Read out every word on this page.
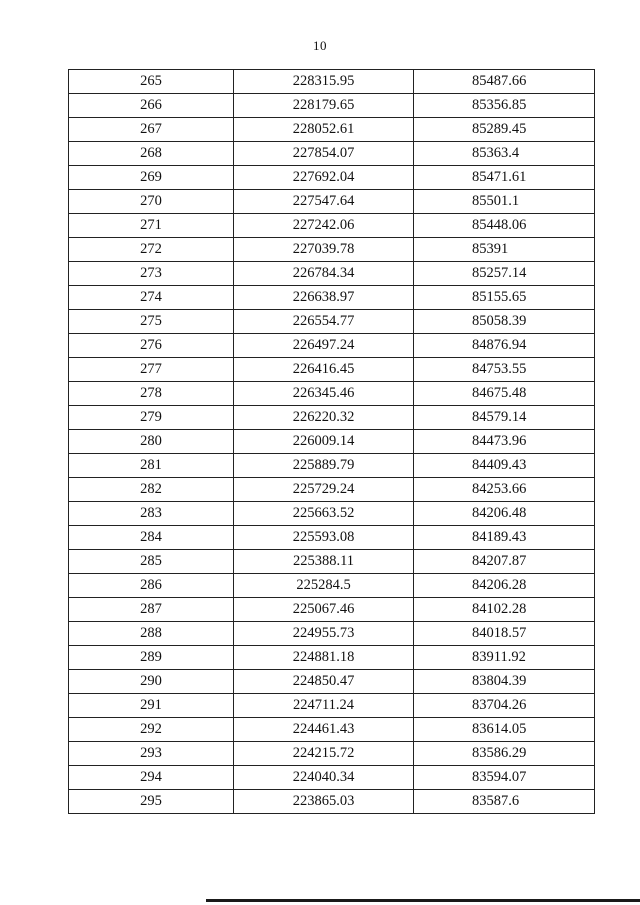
10
265	228315.95	85487.66
266	228179.65	85356.85
267	228052.61	85289.45
268	227854.07	85363.4
269	227692.04	85471.61
270	227547.64	85501.1
271	227242.06	85448.06
272	227039.78	85391
273	226784.34	85257.14
274	226638.97	85155.65
275	226554.77	85058.39
276	226497.24	84876.94
277	226416.45	84753.55
278	226345.46	84675.48
279	226220.32	84579.14
280	226009.14	84473.96
281	225889.79	84409.43
282	225729.24	84253.66
283	225663.52	84206.48
284	225593.08	84189.43
285	225388.11	84207.87
286	225284.5	84206.28
287	225067.46	84102.28
288	224955.73	84018.57
289	224881.18	83911.92
290	224850.47	83804.39
291	224711.24	83704.26
292	224461.43	83614.05
293	224215.72	83586.29
294	224040.34	83594.07
295	223865.03	83587.6
